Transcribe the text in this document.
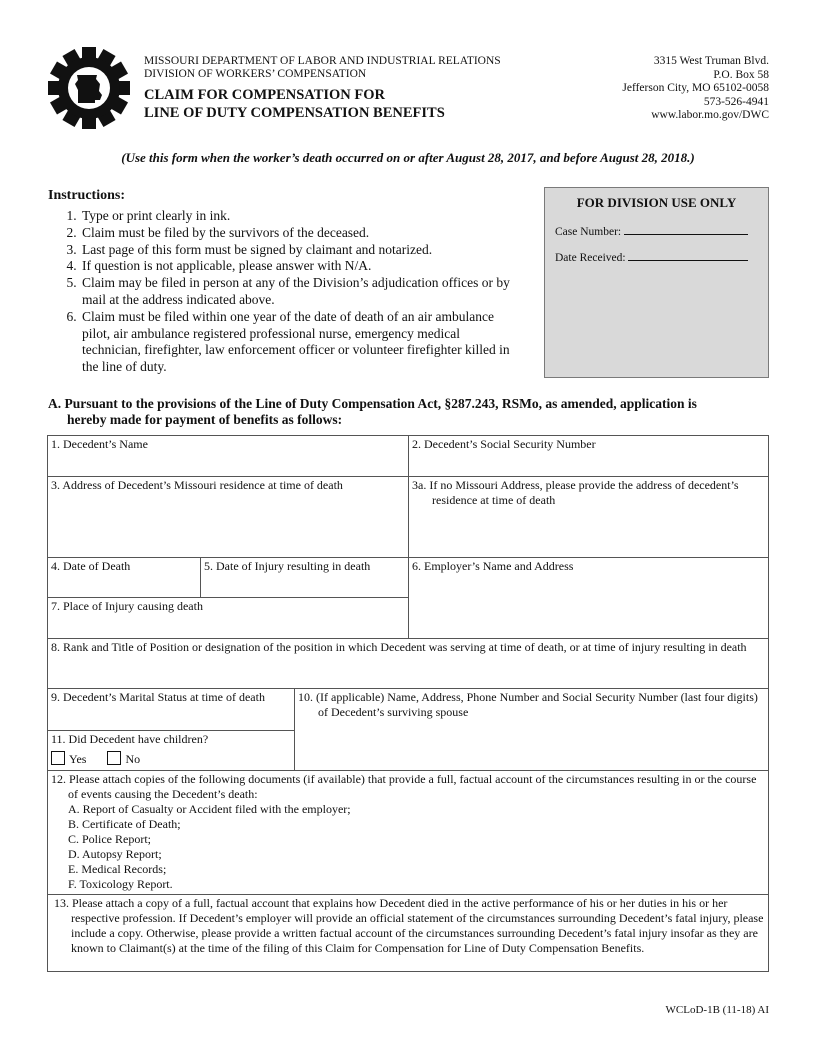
MISSOURI DEPARTMENT OF LABOR AND INDUSTRIAL RELATIONS
DIVISION OF WORKERS’ COMPENSATION
CLAIM FOR COMPENSATION FOR
LINE OF DUTY COMPENSATION BENEFITS
3315 West Truman Blvd.
P.O. Box 58
Jefferson City, MO 65102-0058
573-526-4941
www.labor.mo.gov/DWC
(Use this form when the worker’s death occurred on or after August 28, 2017, and before August 28, 2018.)
Instructions:
1. Type or print clearly in ink.
2. Claim must be filed by the survivors of the deceased.
3. Last page of this form must be signed by claimant and notarized.
4. If question is not applicable, please answer with N/A.
5. Claim may be filed in person at any of the Division’s adjudication offices or by mail at the address indicated above.
6. Claim must be filed within one year of the date of death of an air ambulance pilot, air ambulance registered professional nurse, emergency medical technician, firefighter, law enforcement officer or volunteer firefighter killed in the line of duty.
FOR DIVISION USE ONLY
Case Number:
Date Received:
A. Pursuant to the provisions of the Line of Duty Compensation Act, §287.243, RSMo, as amended, application is
hereby made for payment of benefits as follows:
1. Decedent’s Name	2. Decedent’s Social Security Number
3. Address of Decedent’s Missouri residence at time of death	3a. If no Missouri Address, please provide the address of decedent’s residence at time of death
4. Date of Death	5. Date of Injury resulting in death	6. Employer’s Name and Address
7. Place of Injury causing death
8. Rank and Title of Position or designation of the position in which Decedent was serving at time of death, or at time of injury resulting in death
9. Decedent’s Marital Status at time of death	10. (If applicable) Name, Address, Phone Number and Social Security Number (last four digits) of Decedent’s surviving spouse
11. Did Decedent have children?
Yes	No
12. Please attach copies of the following documents (if available) that provide a full, factual account of the circumstances resulting in or the course of events causing the Decedent’s death:
A. Report of Casualty or Accident filed with the employer;
B. Certificate of Death;
C. Police Report;
D. Autopsy Report;
E. Medical Records;
F. Toxicology Report.
13. Please attach a copy of a full, factual account that explains how Decedent died in the active performance of his or her duties in his or her respective profession. If Decedent’s employer will provide an official statement of the circumstances surrounding Decedent’s fatal injury, please include a copy. Otherwise, please provide a written factual account of the circumstances surrounding Decedent’s fatal injury insofar as they are known to Claimant(s) at the time of the filing of this Claim for Compensation for Line of Duty Compensation Benefits.
WCLoD-1B (11-18) AI
